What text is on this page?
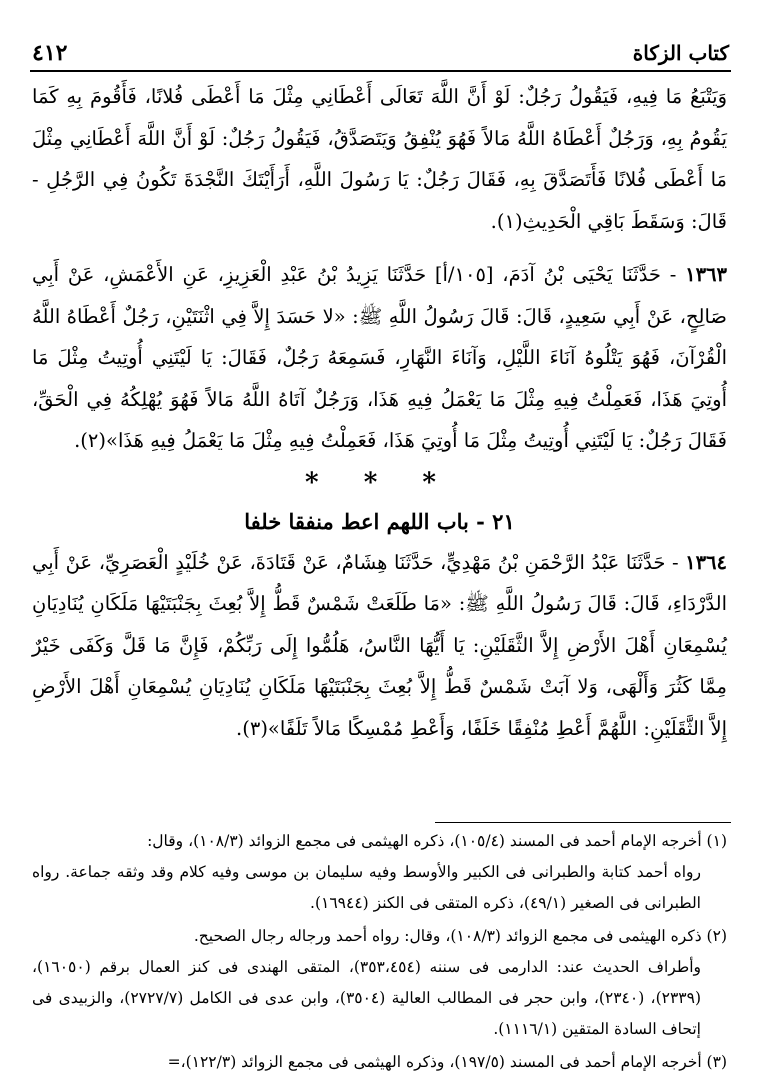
٤١٢	كتاب الزكاة

وَيَتْبَعُ مَا فِيهِ، فَيَقُولُ رَجُلٌ: لَوْ أَنَّ اللَّهَ تَعَالَى أَعْطَانِي مِثْلَ مَا أَعْطَى فُلانًا، فَأَقُومَ بِهِ كَمَا يَقُومُ بِهِ، وَرَجُلٌ أَعْطَاهُ اللَّهُ مَالاً فَهُوَ يُنْفِقُ وَيَتَصَدَّقُ، فَيَقُولُ رَجُلٌ: لَوْ أَنَّ اللَّهَ أَعْطَانِي مِثْلَ مَا أَعْطَى فُلانًا فَأَتَصَدَّقَ بِهِ، فَقَالَ رَجُلٌ: يَا رَسُولَ اللَّهِ، أَرَأَيْتَكَ النَّجْدَةَ تَكُونُ فِي الرَّجُلِ - قَالَ: وَسَقَطَ بَاقِي الْحَدِيثِ(١).

١٣٦٣ - حَدَّثَنَا يَحْيَى بْنُ آدَمَ، [١٠٥/أ] حَدَّثَنَا يَزِيدُ بْنُ عَبْدِ الْعَزِيزِ، عَنِ الأَعْمَشِ، عَنْ أَبِي صَالِحٍ، عَنْ أَبِي سَعِيدٍ، قَالَ: قَالَ رَسُولُ اللَّهِ ﷺ: «لا حَسَدَ إِلاَّ فِي اثْنَتَيْنِ، رَجُلٌ أَعْطَاهُ اللَّهُ الْقُرْآنَ، فَهُوَ يَتْلُوهُ آنَاءَ اللَّيْلِ، وَآنَاءَ النَّهَارِ، فَسَمِعَهُ رَجُلٌ، فَقَالَ: يَا لَيْتَنِي أُوتِيتُ مِثْلَ مَا أُوتِيَ هَذَا، فَعَمِلْتُ فِيهِ مِثْلَ مَا يَعْمَلُ فِيهِ هَذَا، وَرَجُلٌ آتَاهُ اللَّهُ مَالاً فَهُوَ يُهْلِكُهُ فِي الْحَقِّ، فَقَالَ رَجُلٌ: يَا لَيْتَنِي أُوتِيتُ مِثْلَ مَا أُوتِيَ هَذَا، فَعَمِلْتُ فِيهِ مِثْلَ مَا يَعْمَلُ فِيهِ هَذَا»(٢).

* * *

٢١ - باب اللهم اعط منفقا خلفا

١٣٦٤ - حَدَّثَنَا عَبْدُ الرَّحْمَنِ بْنُ مَهْدِيٍّ، حَدَّثَنَا هِشَامٌ، عَنْ قَتَادَةَ، عَنْ خُلَيْدٍ الْعَصَرِيِّ، عَنْ أَبِي الدَّرْدَاءِ، قَالَ: قَالَ رَسُولُ اللَّهِ ﷺ: «مَا طَلَعَتْ شَمْسٌ قَطُّ إِلاَّ بُعِثَ بِجَنْبَتَيْهَا مَلَكَانِ يُنَادِيَانِ يُسْمِعَانِ أَهْلَ الأَرْضِ إِلاَّ الثَّقَلَيْنِ: يَا أَيُّهَا النَّاسُ، هَلُمُّوا إِلَى رَبِّكُمْ، فَإِنَّ مَا قَلَّ وَكَفَى خَيْرٌ مِمَّا كَثُرَ وَأَلْهَى، وَلا آبَتْ شَمْسٌ قَطُّ إِلاَّ بُعِثَ بِجَنْبَتَيْهَا مَلَكَانِ يُنَادِيَانِ يُسْمِعَانِ أَهْلَ الأَرْضِ إِلاَّ الثَّقَلَيْنِ: اللَّهُمَّ أَعْطِ مُنْفِقًا خَلَفًا، وَأَعْطِ مُمْسِكًا مَالاً تَلَفًا»(٣).

(١) أخرجه الإمام أحمد فى المسند (١٠٥/٤)، ذكره الهيثمى فى مجمع الزوائد (١٠٨/٣)، وقال:

رواه أحمد كتابة والطبرانى فى الكبير والأوسط وفيه سليمان بن موسى وفيه كلام وقد وثقه جماعة. رواه الطبرانى فى الصغير (٤٩/١)، ذكره المتقى فى الكنز (١٦٩٤٤).

(٢) ذكره الهيثمى فى مجمع الزوائد (١٠٨/٣)، وقال: رواه أحمد ورجاله رجال الصحيح.

وأطراف الحديث عند: الدارمى فى سننه (٣٥٣،٤٥٤)، المتقى الهندى فى كنز العمال برقم (١٦٠٥٠)، (٢٣٣٩)، (٢٣٤٠)، وابن حجر فى المطالب العالية (٣٥٠٤)، وابن عدى فى الكامل (٢٧٢٧/٧)، والزبيدى فى إتحاف السادة المتقين (١١١٦/١).

(٣) أخرجه الإمام أحمد فى المسند (١٩٧/٥)، وذكره الهيثمى فى مجمع الزوائد (١٢٢/٣)،=
